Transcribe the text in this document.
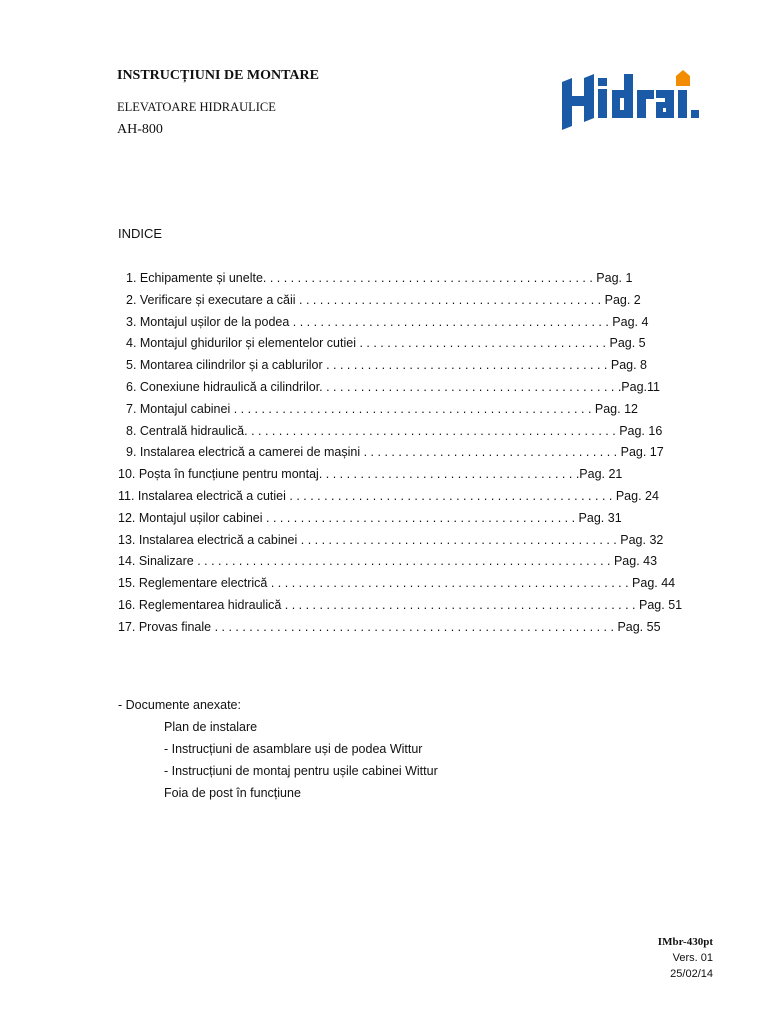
INSTRUCȚIUNI DE MONTARE
ELEVATOARE HIDRAULICE
AH-800
INDICE
1. Echipamente și unelte. . . . . . . . . . . . . . . . . . . . . . . . . . . . . . . . . . . . . . . . . . . . . . . . Pag. 1
2. Verificare și executare a căii . . . . . . . . . . . . . . . . . . . . . . . . . . . . . . . . . . . . . . . . . . . . Pag. 2
3. Montajul ușilor de la podea . . . . . . . . . . . . . . . . . . . . . . . . . . . . . . . . . . . . . . . . . . . . . . Pag. 4
4. Montajul ghidurilor și elementelor cutiei . . . . . . . . . . . . . . . . . . . . . . . . . . . . . . . . . . . . Pag. 5
5. Montarea cilindrilor și a cablurilor . . . . . . . . . . . . . . . . . . . . . . . . . . . . . . . . . . . . . . . . . Pag. 8
6. Conexiune hidraulică a cilindrilor. . . . . . . . . . . . . . . . . . . . . . . . . . . . . . . . . . . . . . . . . . . .Pag.11
7. Montajul cabinei . . . . . . . . . . . . . . . . . . . . . . . . . . . . . . . . . . . . . . . . . . . . . . . . . . . . Pag. 12
8. Centrală hidraulică. . . . . . . . . . . . . . . . . . . . . . . . . . . . . . . . . . . . . . . . . . . . . . . . . . . . . . Pag. 16
9. Instalarea electrică a camerei de mașini . . . . . . . . . . . . . . . . . . . . . . . . . . . . . . . . . . . . . Pag. 17
10. Poșta în funcțiune pentru montaj. . . . . . . . . . . . . . . . . . . . . . . . . . . . . . . . . . . . . .Pag. 21
11. Instalarea electrică a cutiei . . . . . . . . . . . . . . . . . . . . . . . . . . . . . . . . . . . . . . . . . . . . . . . Pag. 24
12. Montajul ușilor cabinei . . . . . . . . . . . . . . . . . . . . . . . . . . . . . . . . . . . . . . . . . . . . . Pag. 31
13. Instalarea electrică a cabinei . . . . . . . . . . . . . . . . . . . . . . . . . . . . . . . . . . . . . . . . . . . . . . Pag. 32
14. Sinalizare . . . . . . . . . . . . . . . . . . . . . . . . . . . . . . . . . . . . . . . . . . . . . . . . . . . . . . . . . . . . Pag. 43
15. Reglementare electrică . . . . . . . . . . . . . . . . . . . . . . . . . . . . . . . . . . . . . . . . . . . . . . . . . . . . Pag. 44
16. Reglementarea hidraulică . . . . . . . . . . . . . . . . . . . . . . . . . . . . . . . . . . . . . . . . . . . . . . . . . . . Pag. 51
17. Provas finale . . . . . . . . . . . . . . . . . . . . . . . . . . . . . . . . . . . . . . . . . . . . . . . . . . . . . . . . . . Pag. 55
- Documente anexate:
Plan de instalare
- Instrucțiuni de asamblare uși de podea Wittur
- Instrucțiuni de montaj pentru ușile cabinei Wittur
Foia de post în funcțiune
IMbr-430pt
Vers. 01
25/02/14
